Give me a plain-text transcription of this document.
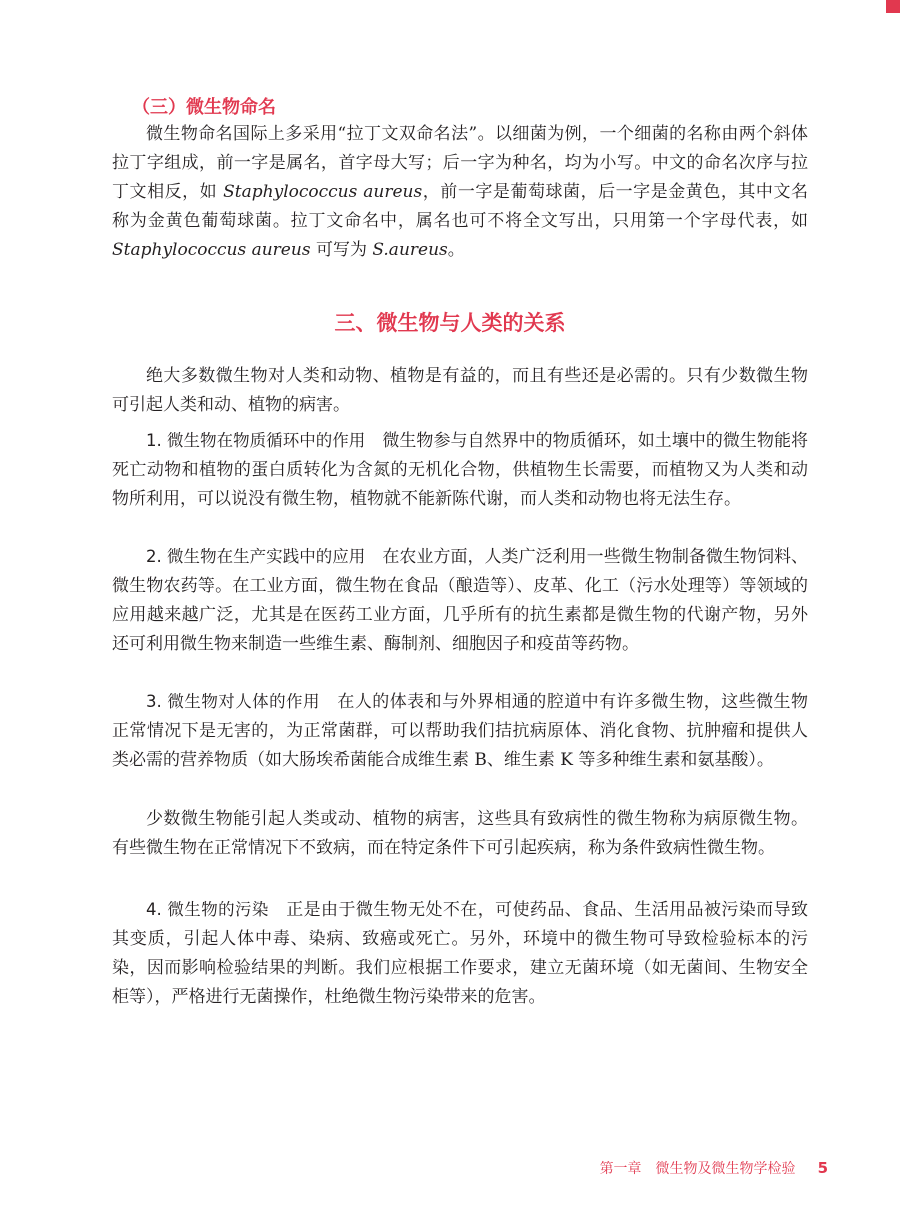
（三）微生物命名

微生物命名国际上多采用“拉丁文双命名法”。以细菌为例，一个细菌的名称由两个斜体拉丁字组成，前一字是属名，首字母大写；后一字为种名，均为小写。中文的命名次序与拉丁文相反，如 Staphylococcus aureus，前一字是葡萄球菌，后一字是金黄色，其中文名称为金黄色葡萄球菌。拉丁文命名中，属名也可不将全文写出，只用第一个字母代表，如 Staphylococcus aureus 可写为 S.aureus。

三、微生物与人类的关系

绝大多数微生物对人类和动物、植物是有益的，而且有些还是必需的。只有少数微生物可引起人类和动、植物的病害。

1. 微生物在物质循环中的作用 微生物参与自然界中的物质循环，如土壤中的微生物能将死亡动物和植物的蛋白质转化为含氮的无机化合物，供植物生长需要，而植物又为人类和动物所利用，可以说没有微生物，植物就不能新陈代谢，而人类和动物也将无法生存。

2. 微生物在生产实践中的应用 在农业方面，人类广泛利用一些微生物制备微生物饲料、微生物农药等。在工业方面，微生物在食品（酿造等）、皮革、化工（污水处理等）等领域的应用越来越广泛，尤其是在医药工业方面，几乎所有的抗生素都是微生物的代谢产物，另外还可利用微生物来制造一些维生素、酶制剂、细胞因子和疫苗等药物。

3. 微生物对人体的作用 在人的体表和与外界相通的腔道中有许多微生物，这些微生物正常情况下是无害的，为正常菌群，可以帮助我们拮抗病原体、消化食物、抗肿瘤和提供人类必需的营养物质（如大肠埃希菌能合成维生素 B、维生素 K 等多种维生素和氨基酸）。

少数微生物能引起人类或动、植物的病害，这些具有致病性的微生物称为病原微生物。有些微生物在正常情况下不致病，而在特定条件下可引起疾病，称为条件致病性微生物。

4. 微生物的污染 正是由于微生物无处不在，可使药品、食品、生活用品被污染而导致其变质，引起人体中毒、染病、致癌或死亡。另外，环境中的微生物可导致检验标本的污染，因而影响检验结果的判断。我们应根据工作要求，建立无菌环境（如无菌间、生物安全柜等），严格进行无菌操作，杜绝微生物污染带来的危害。

第一章　微生物及微生物学检验 5
